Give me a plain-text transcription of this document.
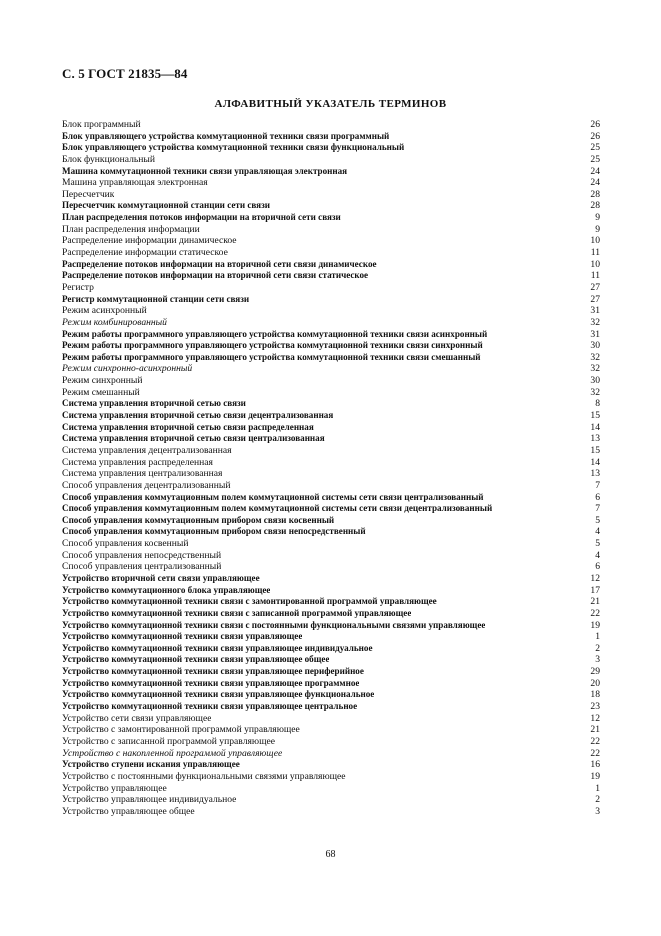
С. 5 ГОСТ 21835—84
АЛФАВИТНЫЙ УКАЗАТЕЛЬ ТЕРМИНОВ
Блок программный	26
Блок управляющего устройства коммутационной техники связи программный	26
Блок управляющего устройства коммутационной техники связи функциональный	25
Блок функциональный	25
Машина коммутационной техники связи управляющая электронная	24
Машина управляющая электронная	24
Пересчетчик	28
Пересчетчик коммутационной станции сети связи	28
План распределения потоков информации на вторичной сети связи	9
План распределения информации	9
Распределение информации динамическое	10
Распределение информации статическое	11
Распределение потоков информации на вторичной сети связи динамическое	10
Распределение потоков информации на вторичной сети связи статическое	11
Регистр	27
Регистр коммутационной станции сети связи	27
Режим асинхронный	31
Режим комбинированный	32
Режим работы программного управляющего устройства коммутационной техники связи асинхронный	31
Режим работы программного управляющего устройства коммутационной техники связи синхронный	30
Режим работы программного управляющего устройства коммутационной техники связи смешанный	32
Режим синхронно-асинхронный	32
Режим синхронный	30
Режим смешанный	32
Система управления вторичной сетью связи	8
Система управления вторичной сетью связи децентрализованная	15
Система управления вторичной сетью связи распределенная	14
Система управления вторичной сетью связи централизованная	13
Система управления децентрализованная	15
Система управления распределенная	14
Система управления централизованная	13
Способ управления децентрализованный	7
Способ управления коммутационным полем коммутационной системы сети связи централизованный	6
Способ управления коммутационным полем коммутационной системы сети связи децентрализованный	7
Способ управления коммутационным прибором связи косвенный	5
Способ управления коммутационным прибором связи непосредственный	4
Способ управления косвенный	5
Способ управления непосредственный	4
Способ управления централизованный	6
Устройство вторичной сети связи управляющее	12
Устройство коммутационного блока управляющее	17
Устройство коммутационной техники связи с замонтированной программой управляющее	21
Устройство коммутационной техники связи с записанной программой управляющее	22
Устройство коммутационной техники связи с постоянными функциональными связями управляющее	19
Устройство коммутационной техники связи управляющее	1
Устройство коммутационной техники связи управляющее индивидуальное	2
Устройство коммутационной техники связи управляющее общее	3
Устройство коммутационной техники связи управляющее периферийное	29
Устройство коммутационной техники связи управляющее программное	20
Устройство коммутационной техники связи управляющее функциональное	18
Устройство коммутационной техники связи управляющее центральное	23
Устройство сети связи управляющее	12
Устройство с замонтированной программой управляющее	21
Устройство с записанной программой управляющее	22
Устройство с накопленной программой управляющее	22
Устройство ступени искания управляющее	16
Устройство с постоянными функциональными связями управляющее	19
Устройство управляющее	1
Устройство управляющее индивидуальное	2
Устройство управляющее общее	3
68
